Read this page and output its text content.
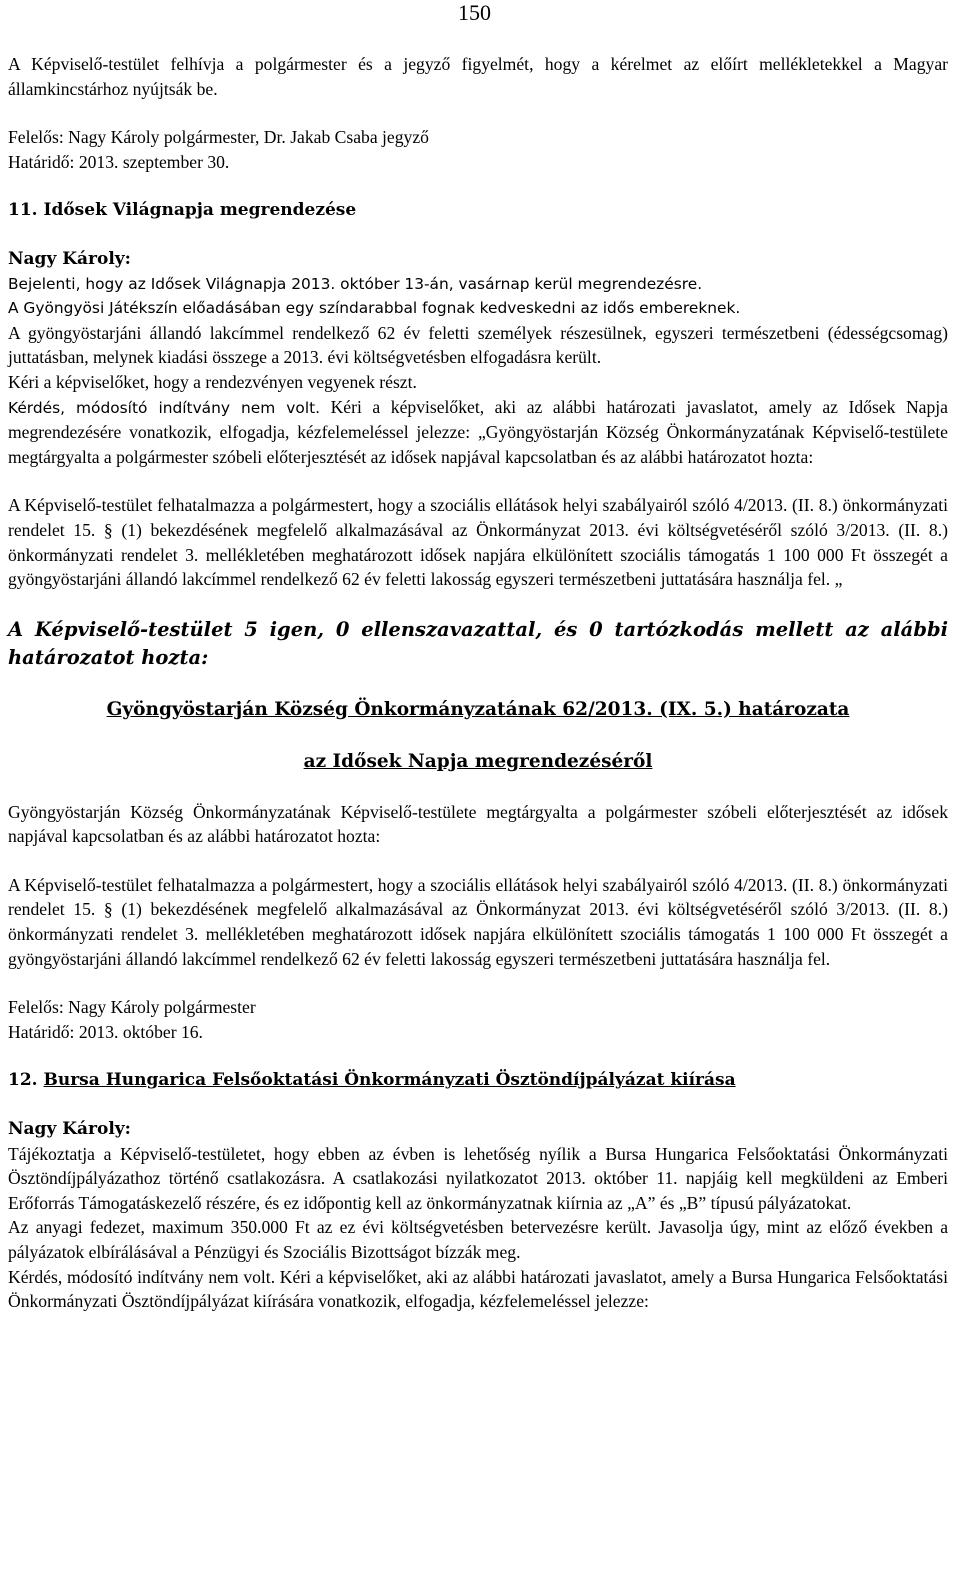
150

A Képviselő-testület felhívja a polgármester és a jegyző figyelmét, hogy a kérelmet az előírt mellékletekkel a Magyar államkincstárhoz nyújtsák be.

Felelős: Nagy Károly polgármester, Dr. Jakab Csaba jegyző

Határidő: 2013. szeptember 30.

11. Idősek Világnapja megrendezése

Nagy Károly:

Bejelenti, hogy az Idősek Világnapja 2013. október 13-án, vasárnap kerül megrendezésre.

A Gyöngyösi Játékszín előadásában egy színdarabbal fognak kedveskedni az idős embereknek.

A gyöngyöstarjáni állandó lakcímmel rendelkező 62 év feletti személyek részesülnek, egyszeri természetbeni (édességcsomag) juttatásban, melynek kiadási összege a 2013. évi költségvetésben elfogadásra került.

Kéri a képviselőket, hogy a rendezvényen vegyenek részt.

Kérdés, módosító indítvány nem volt. Kéri a képviselőket, aki az alábbi határozati javaslatot, amely az Idősek Napja megrendezésére vonatkozik, elfogadja, kézfelemeléssel jelezze: „Gyöngyöstarján Község Önkormányzatának Képviselő-testülete megtárgyalta a polgármester szóbeli előterjesztését az idősek napjával kapcsolatban és az alábbi határozatot hozta:

A Képviselő-testület felhatalmazza a polgármestert, hogy a szociális ellátások helyi szabályairól szóló 4/2013. (II. 8.) önkormányzati rendelet 15. § (1) bekezdésének megfelelő alkalmazásával az Önkormányzat 2013. évi költségvetéséről szóló 3/2013. (II. 8.) önkormányzati rendelet 3. mellékletében meghatározott idősek napjára elkülönített szociális támogatás 1 100 000 Ft összegét a gyöngyöstarjáni állandó lakcímmel rendelkező 62 év feletti lakosság egyszeri természetbeni juttatására használja fel. „

A Képviselő-testület 5 igen, 0 ellenszavazattal, és 0 tartózkodás mellett az alábbi határozatot hozta:

Gyöngyöstarján Község Önkormányzatának 62/2013. (IX. 5.) határozata

az Idősek Napja megrendezéséről

Gyöngyöstarján Község Önkormányzatának Képviselő-testülete megtárgyalta a polgármester szóbeli előterjesztését az idősek napjával kapcsolatban és az alábbi határozatot hozta:

A Képviselő-testület felhatalmazza a polgármestert, hogy a szociális ellátások helyi szabályairól szóló 4/2013. (II. 8.) önkormányzati rendelet 15. § (1) bekezdésének megfelelő alkalmazásával az Önkormányzat 2013. évi költségvetéséről szóló 3/2013. (II. 8.) önkormányzati rendelet 3. mellékletében meghatározott idősek napjára elkülönített szociális támogatás 1 100 000 Ft összegét a gyöngyöstarjáni állandó lakcímmel rendelkező 62 év feletti lakosság egyszeri természetbeni juttatására használja fel.

Felelős: Nagy Károly polgármester

Határidő: 2013. október 16.

12. Bursa Hungarica Felsőoktatási Önkormányzati Ösztöndíjpályázat kiírása

Nagy Károly:

Tájékoztatja a Képviselő-testületet, hogy ebben az évben is lehetőség nyílik a Bursa Hungarica Felsőoktatási Önkormányzati Ösztöndíjpályázathoz történő csatlakozásra. A csatlakozási nyilatkozatot 2013. október 11. napjáig kell megküldeni az Emberi Erőforrás Támogatáskezelő részére, és ez időpontig kell az önkormányzatnak kiírnia az „A” és „B” típusú pályázatokat.

Az anyagi fedezet, maximum 350.000 Ft az ez évi költségvetésben betervezésre került. Javasolja úgy, mint az előző években a pályázatok elbírálásával a Pénzügyi és Szociális Bizottságot bízzák meg.

Kérdés, módosító indítvány nem volt. Kéri a képviselőket, aki az alábbi határozati javaslatot, amely a Bursa Hungarica Felsőoktatási Önkormányzati Ösztöndíjpályázat kiírására vonatkozik, elfogadja, kézfelemeléssel jelezze:
